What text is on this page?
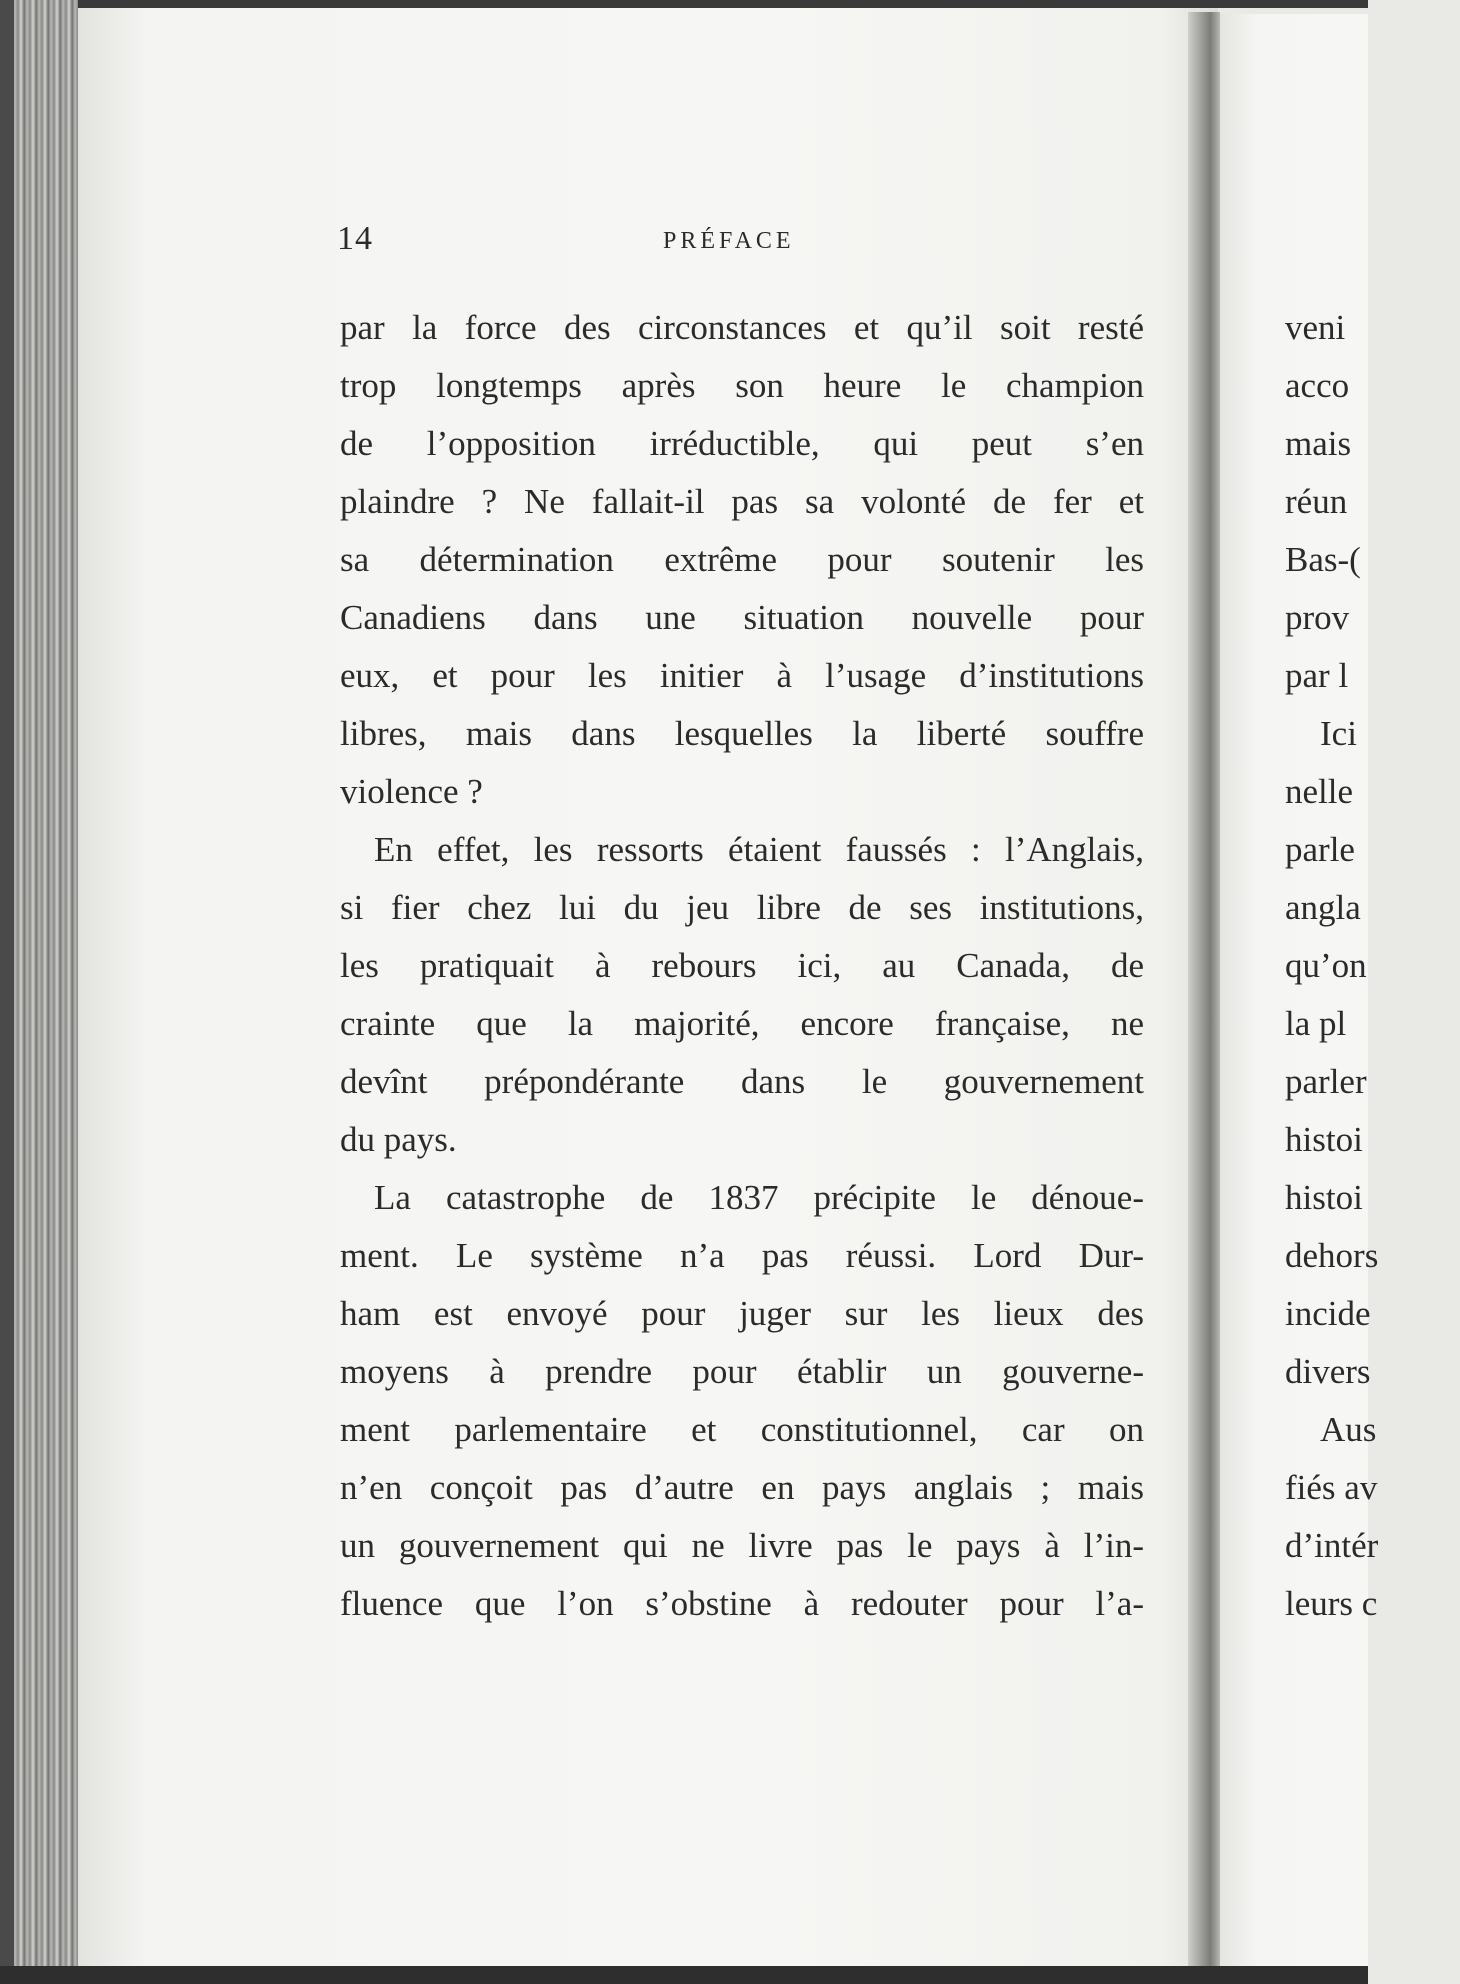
14	PRÉFACE
par la force des circonstances et qu’il soit resté
trop longtemps après son heure le champion
de l’opposition irréductible, qui peut s’en
plaindre ? Ne fallait-il pas sa volonté de fer et
sa détermination extrême pour soutenir les
Canadiens dans une situation nouvelle pour
eux, et pour les initier à l’usage d’institutions
libres, mais dans lesquelles la liberté souffre
violence ?
En effet, les ressorts étaient faussés : l’Anglais,
si fier chez lui du jeu libre de ses institutions,
les pratiquait à rebours ici, au Canada, de
crainte que la majorité, encore française, ne
devînt prépondérante dans le gouvernement
du pays.
La catastrophe de 1837 précipite le dénoue-
ment. Le système n’a pas réussi. Lord Dur-
ham est envoyé pour juger sur les lieux des
moyens à prendre pour établir un gouverne-
ment parlementaire et constitutionnel, car on
n’en conçoit pas d’autre en pays anglais ; mais
un gouvernement qui ne livre pas le pays à l’in-
fluence que l’on s’obstine à redouter pour l’a-
veni
acco
mais
réun
Bas-(
prov
par l
Ici
nelle
parle
angla
qu’on
la pl
parler
histoi
histoi
dehors
incide
divers
Aus
fiés av
d’intér
leurs c
